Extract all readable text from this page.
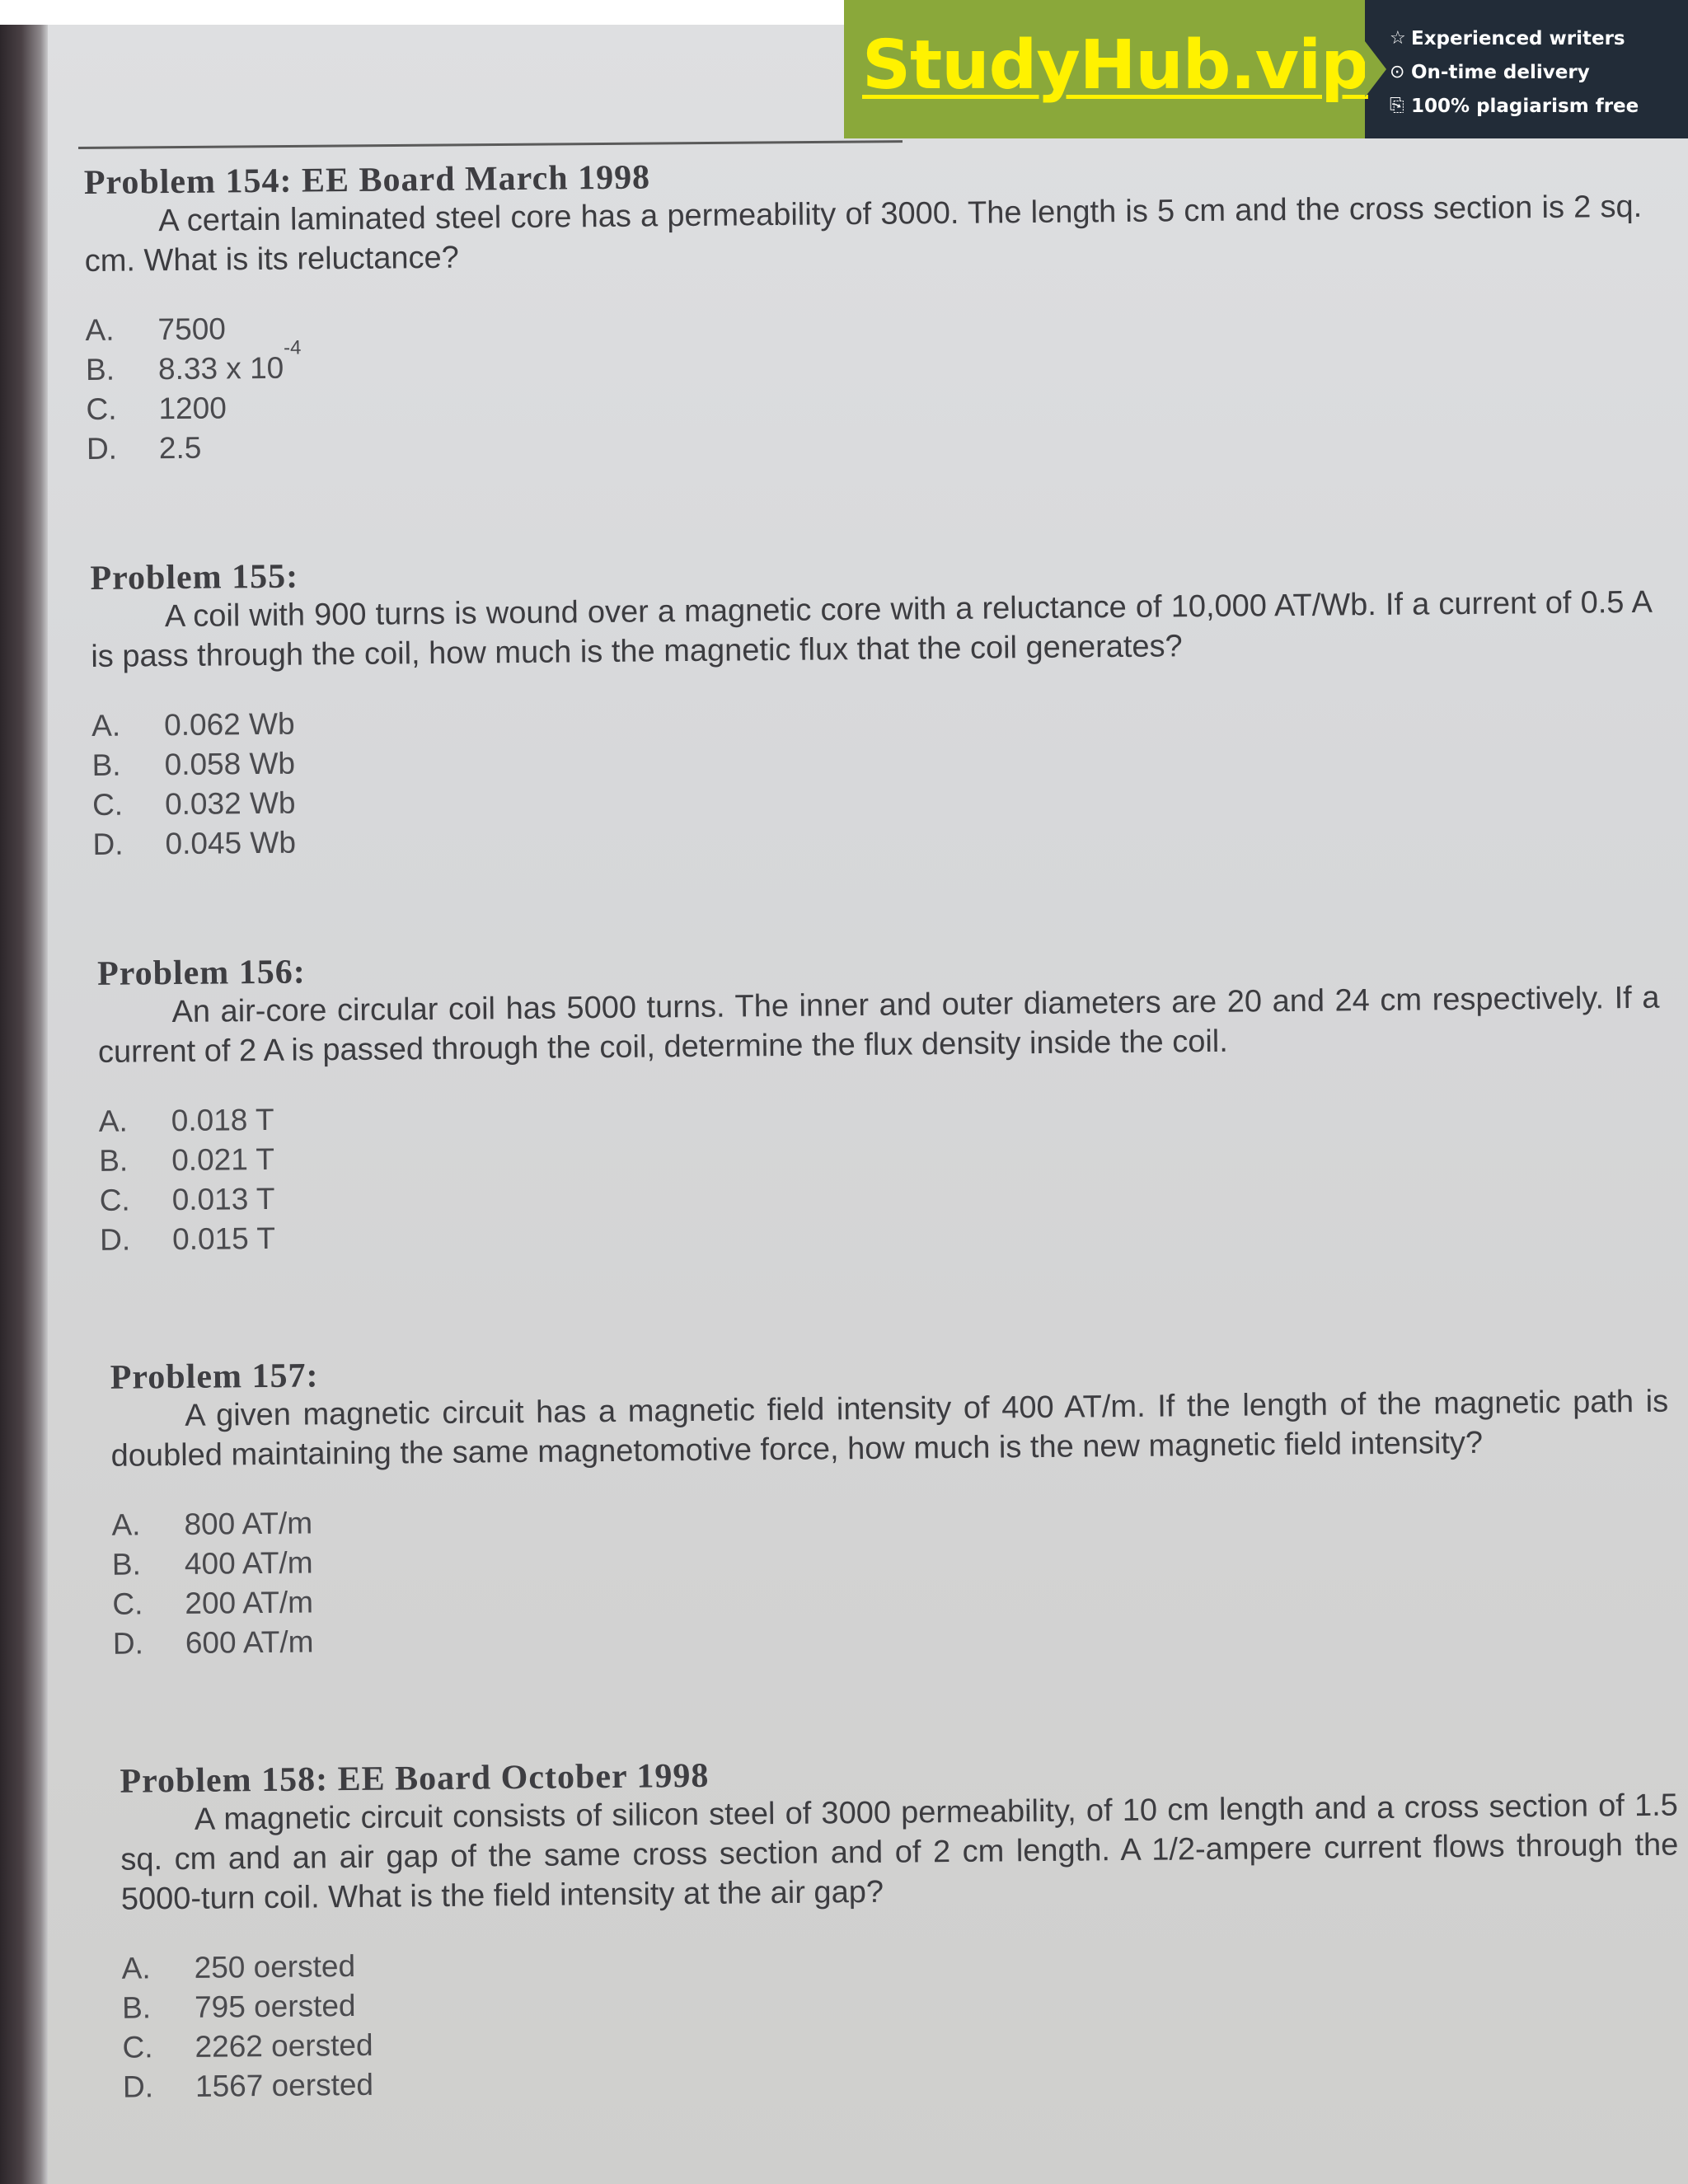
Problem 154: EE Board March 1998

A certain laminated steel core has a permeability of 3000. The length is 5 cm and the cross section is 2 sq. cm. What is its reluctance?

A.	7500
B.	8.33 x 10
-4
C.	1200
D.	2.5
Problem 155:

A coil with 900 turns is wound over a magnetic core with a reluctance of 10,000 AT/Wb. If a current of 0.5 A is pass through the coil, how much is the magnetic flux that the coil generates?

A.	0.062 Wb
B.	0.058 Wb
C.	0.032 Wb
D.	0.045 Wb
Problem 156:

An air-core circular coil has 5000 turns. The inner and outer diameters are 20 and 24 cm respectively. If a current of 2 A is passed through the coil, determine the flux density inside the coil.

A.	0.018 T
B.	0.021 T
C.	0.013 T
D.	0.015 T
Problem 157:

A given magnetic circuit has a magnetic field intensity of 400 AT/m. If the length of the magnetic path is doubled maintaining the same magnetomotive force, how much is the new magnetic field intensity?

A.	800 AT/m
B.	400 AT/m
C.	200 AT/m
D.	600 AT/m
Problem 158: EE Board October 1998

A magnetic circuit consists of silicon steel of 3000 permeability, of 10 cm length and a cross section of 1.5 sq. cm and an air gap of the same cross section and of 2 cm length. A 1/2-ampere current flows through the 5000-turn coil. What is the field intensity at the air gap?

A.	250 oersted
B.	795 oersted
C.	2262 oersted
D.	1567 oersted
StudyHub.vip ☆ Experienced writers
⊙ On-time delivery
⎘ 100% plagiarism free
